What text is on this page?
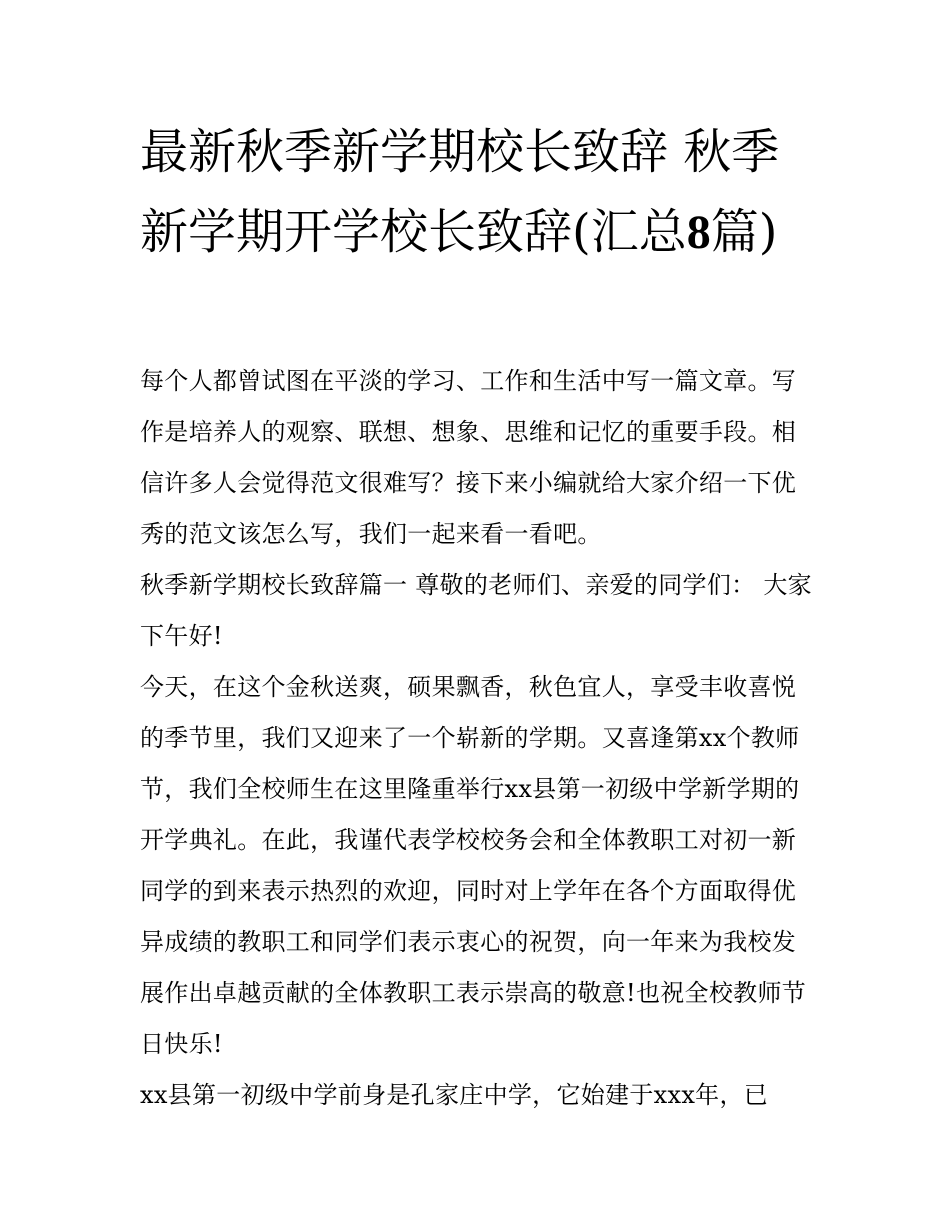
最新秋季新学期校长致辞 秋季新学期开学校长致辞(汇总8篇)

每个人都曾试图在平淡的学习、工作和生活中写一篇文章。写作是培养人的观察、联想、想象、思维和记忆的重要手段。相信许多人会觉得范文很难写？接下来小编就给大家介绍一下优秀的范文该怎么写，我们一起来看一看吧。

秋季新学期校长致辞篇一 尊敬的老师们、亲爱的同学们： 大家下午好!

今天，在这个金秋送爽，硕果飘香，秋色宜人，享受丰收喜悦的季节里，我们又迎来了一个崭新的学期。又喜逢第xx个教师节，我们全校师生在这里隆重举行xx县第一初级中学新学期的开学典礼。在此，我谨代表学校校务会和全体教职工对初一新同学的到来表示热烈的欢迎，同时对上学年在各个方面取得优异成绩的教职工和同学们表示衷心的祝贺，向一年来为我校发展作出卓越贡献的全体教职工表示崇高的敬意!也祝全校教师节日快乐!

xx县第一初级中学前身是孔家庄中学，它始建于xxx年，已
